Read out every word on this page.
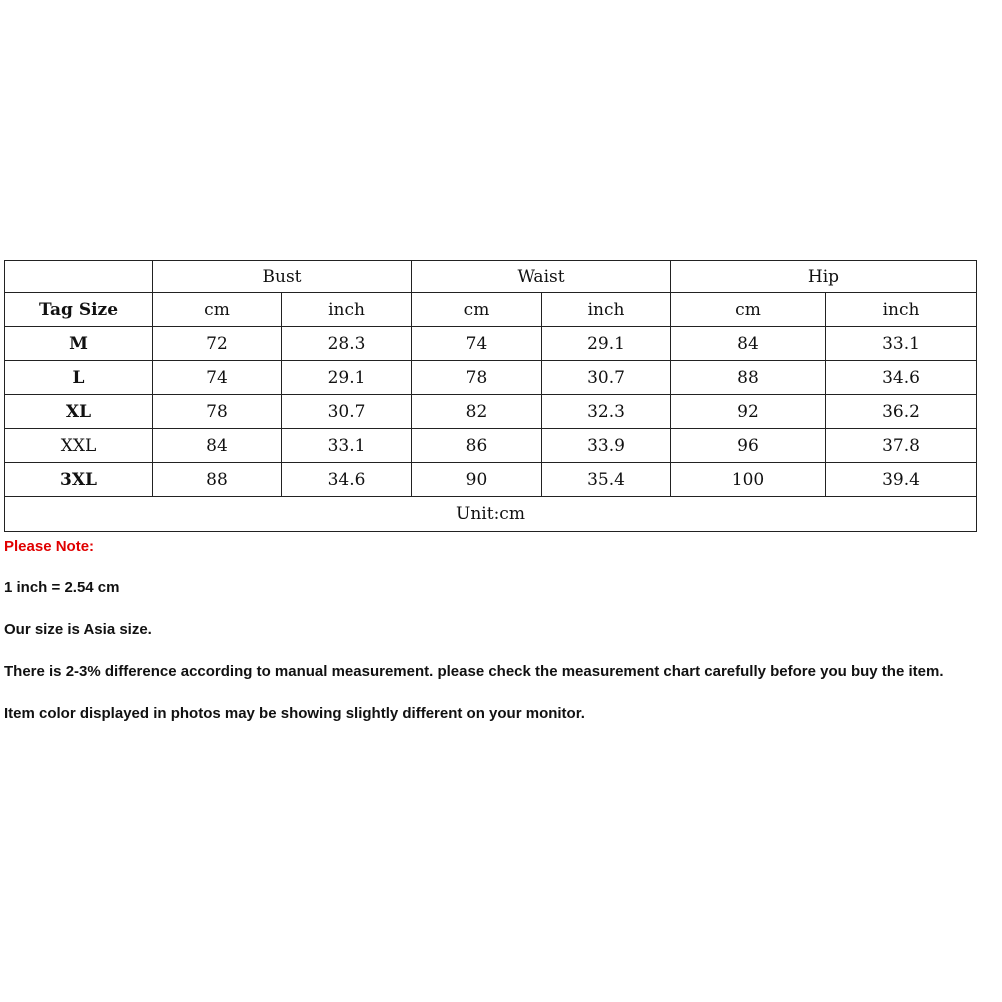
	Bust		Waist		Hip	
Tag Size	cm	inch	cm	inch	cm	inch
M	72	28.3	74	29.1	84	33.1
L	74	29.1	78	30.7	88	34.6
XL	78	30.7	82	32.3	92	36.2
XXL	84	33.1	86	33.9	96	37.8
3XL	88	34.6	90	35.4	100	39.4
Unit:cm						

Please Note:

1 inch = 2.54 cm

Our size is Asia size.

There is 2-3% difference according to manual measurement. please check the measurement chart carefully before you buy the item.

Item color displayed in photos may be showing slightly different on your monitor.
